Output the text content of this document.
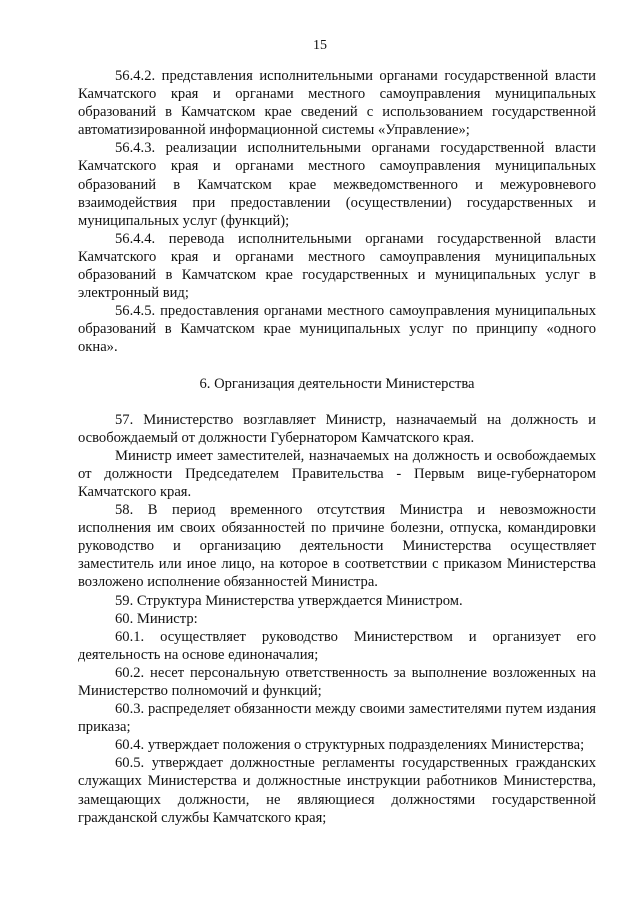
15

56.4.2. представления исполнительными органами государственной власти Камчатского края и органами местного самоуправления муниципальных образований в Камчатском крае сведений с использованием государственной автоматизированной информационной системы «Управление»;

56.4.3. реализации исполнительными органами государственной власти Камчатского края и органами местного самоуправления муниципальных образований в Камчатском крае межведомственного и межуровневого взаимодействия при предоставлении (осуществлении) государственных и муниципальных услуг (функций);

56.4.4. перевода исполнительными органами государственной власти Камчатского края и органами местного самоуправления муниципальных образований в Камчатском крае государственных и муниципальных услуг в электронный вид;

56.4.5. предоставления органами местного самоуправления муниципальных образований в Камчатском крае муниципальных услуг по принципу «одного окна».

6. Организация деятельности Министерства

57. Министерство возглавляет Министр, назначаемый на должность и освобождаемый от должности Губернатором Камчатского края.

Министр имеет заместителей, назначаемых на должность и освобождаемых от должности Председателем Правительства - Первым вице-губернатором Камчатского края.

58. В период временного отсутствия Министра и невозможности исполнения им своих обязанностей по причине болезни, отпуска, командировки руководство и организацию деятельности Министерства осуществляет заместитель или иное лицо, на которое в соответствии с приказом Министерства возложено исполнение обязанностей Министра.

59. Структура Министерства утверждается Министром.

60. Министр:

60.1. осуществляет руководство Министерством и организует его деятельность на основе единоначалия;

60.2. несет персональную ответственность за выполнение возложенных на Министерство полномочий и функций;

60.3. распределяет обязанности между своими заместителями путем издания приказа;

60.4. утверждает положения о структурных подразделениях Министерства;

60.5. утверждает должностные регламенты государственных гражданских служащих Министерства и должностные инструкции работников Министерства, замещающих должности, не являющиеся должностями государственной гражданской службы Камчатского края;
